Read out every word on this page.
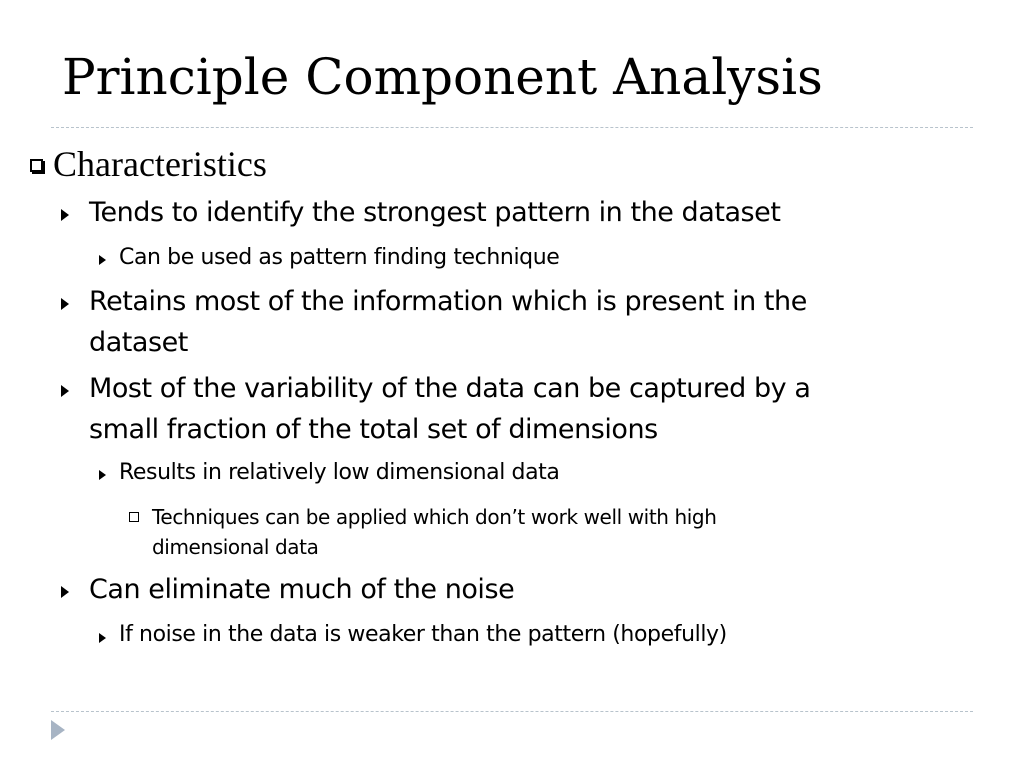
Principle Component Analysis
Characteristics
Tends to identify the strongest pattern in the dataset
Can be used as pattern finding technique
Retains most of the information which is present in the
dataset
Most of the variability of the data can be captured by a
small fraction of the total set of dimensions
Results in relatively low dimensional data
Techniques can be applied which don’t work well with high
dimensional data
Can eliminate much of the noise
If noise in the data is weaker than the pattern (hopefully)
